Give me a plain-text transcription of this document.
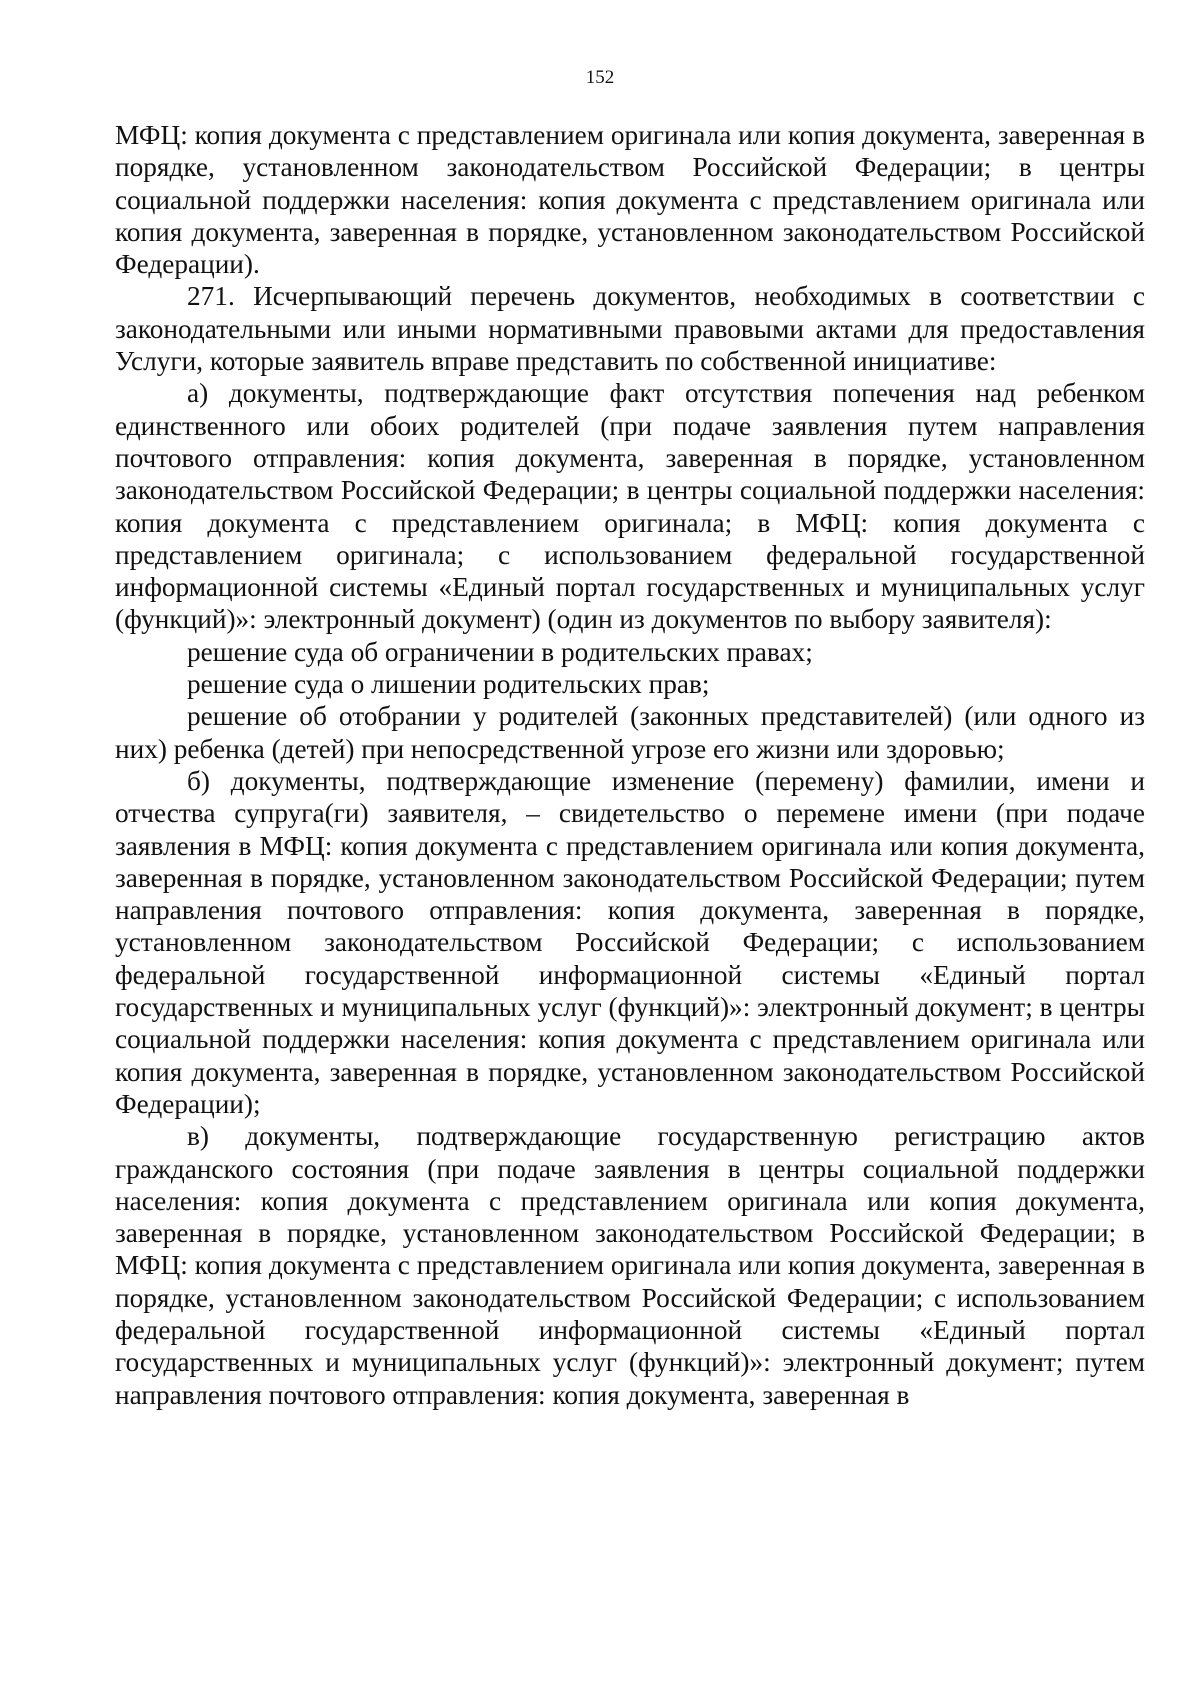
152

МФЦ: копия документа с представлением оригинала или копия документа, заверенная в порядке, установленном законодательством Российской Федерации; в центры социальной поддержки населения: копия документа с представлением оригинала или копия документа, заверенная в порядке, установленном законодательством Российской Федерации).

271. Исчерпывающий перечень документов, необходимых в соответствии с законодательными или иными нормативными правовыми актами для предоставления Услуги, которые заявитель вправе представить по собственной инициативе:

а) документы, подтверждающие факт отсутствия попечения над ребенком единственного или обоих родителей (при подаче заявления путем направления почтового отправления: копия документа, заверенная в порядке, установленном законодательством Российской Федерации; в центры социальной поддержки населения: копия документа с представлением оригинала; в МФЦ: копия документа с представлением оригинала; с использованием федеральной государственной информационной системы «Единый портал государственных и муниципальных услуг (функций)»: электронный документ) (один из документов по выбору заявителя):

решение суда об ограничении в родительских правах;

решение суда о лишении родительских прав;

решение об отобрании у родителей (законных представителей) (или одного из них) ребенка (детей) при непосредственной угрозе его жизни или здоровью;

б) документы, подтверждающие изменение (перемену) фамилии, имени и отчества супруга(ги) заявителя, – свидетельство о перемене имени (при подаче заявления в МФЦ: копия документа с представлением оригинала или копия документа, заверенная в порядке, установленном законодательством Российской Федерации; путем направления почтового отправления: копия документа, заверенная в порядке, установленном законодательством Российской Федерации; с использованием федеральной государственной информационной системы «Единый портал государственных и муниципальных услуг (функций)»: электронный документ; в центры социальной поддержки населения: копия документа с представлением оригинала или копия документа, заверенная в порядке, установленном законодательством Российской Федерации);

в) документы, подтверждающие государственную регистрацию актов гражданского состояния (при подаче заявления в центры социальной поддержки населения: копия документа с представлением оригинала или копия документа, заверенная в порядке, установленном законодательством Российской Федерации; в МФЦ: копия документа с представлением оригинала или копия документа, заверенная в порядке, установленном законодательством Российской Федерации; с использованием федеральной государственной информационной системы «Единый портал государственных и муниципальных услуг (функций)»: электронный документ; путем направления почтового отправления: копия документа, заверенная в
